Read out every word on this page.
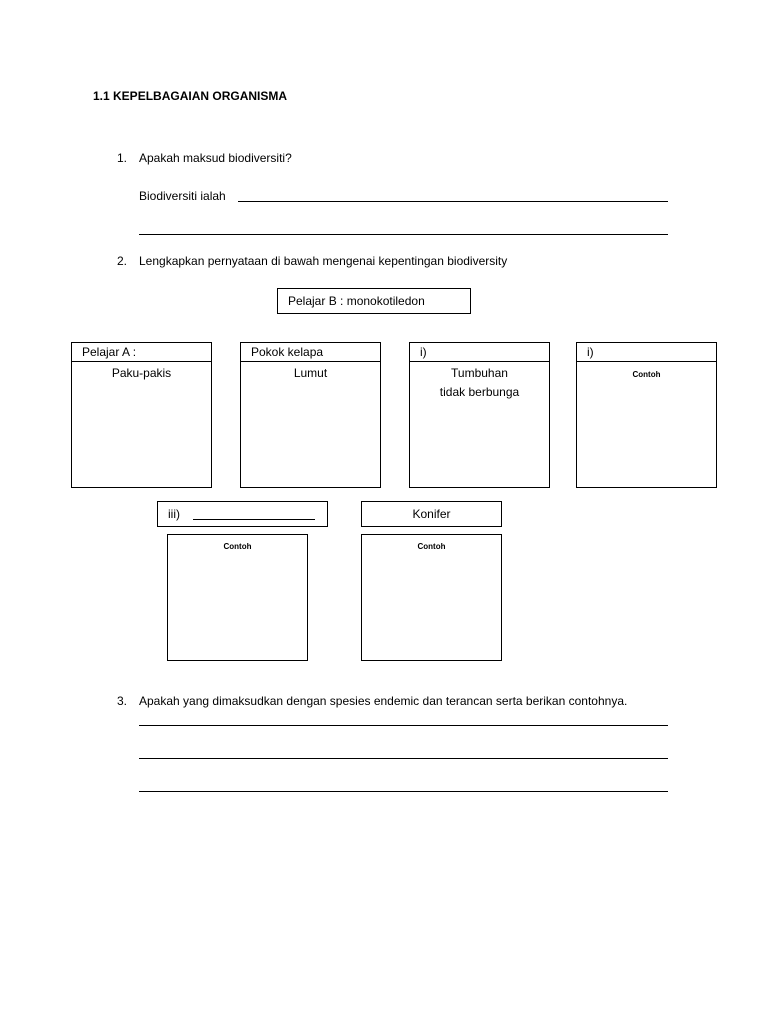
1.1 KEPELBAGAIAN ORGANISMA
1. Apakah maksud biodiversiti?
Biodiversiti ialah
2. Lengkapkan pernyataan di bawah mengenai kepentingan biodiversity
Pelajar B : monokotiledon
Pelajar A :
Paku-pakis
Pokok kelapa
Lumut
i)
Tumbuhan tidak berbunga
i)
Contoh
iii)
Contoh
Konifer
Contoh
3. Apakah yang dimaksudkan dengan spesies endemic dan terancan serta berikan contohnya.
